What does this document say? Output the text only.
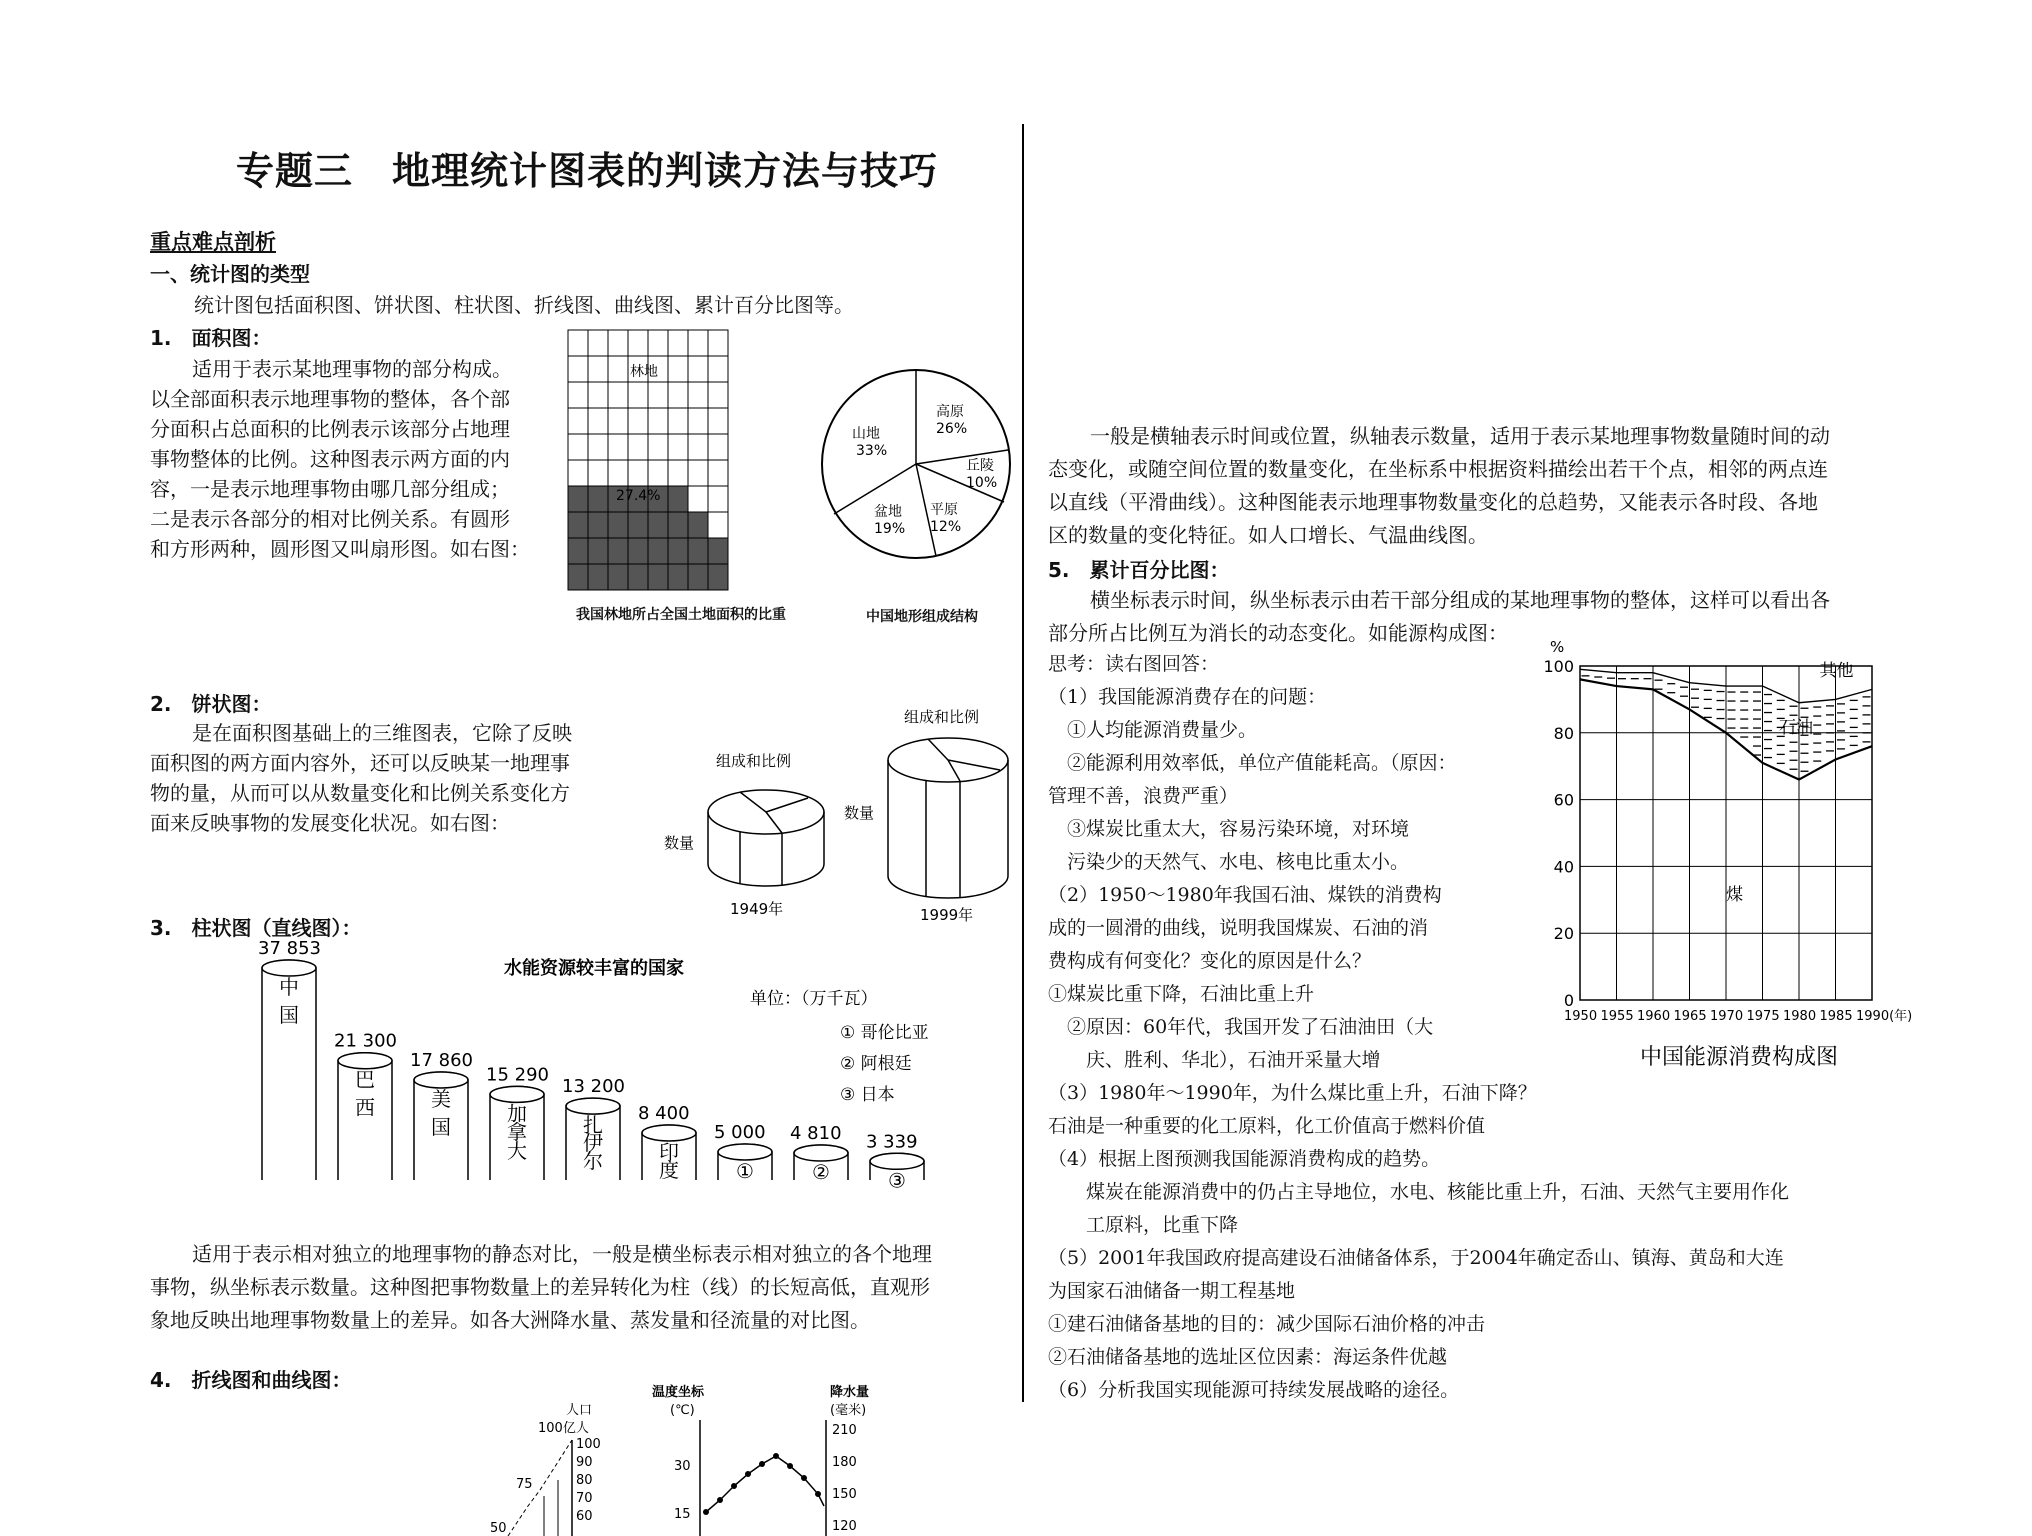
专题三　地理统计图表的判读方法与技巧
重点难点剖析
一、统计图的类型
统计图包括面积图、饼状图、柱状图、折线图、曲线图、累计百分比图等。
1.　面积图：
适用于表示某地理事物的部分构成。
以全部面积表示地理事物的整体，各个部
分面积占总面积的比例表示该部分占地理
事物整体的比例。这种图表示两方面的内
容，一是表示地理事物由哪几部分组成；
二是表示各部分的相对比例关系。有圆形
和方形两种，圆形图又叫扇形图。如右图：
林地
27.4%
我国林地所占全国土地面积的比重
山地
33%
高原
26%
丘陵
10%
平原
12%
盆地
19%
中国地形组成结构
2.　饼状图：
是在面积图基础上的三维图表，它除了反映
面积图的两方面内容外，还可以反映某一地理事
物的量，从而可以从数量变化和比例关系变化方
面来反映事物的发展变化状况。如右图：
组成和比例
数量
1949年
组成和比例
数量
1999年
3.　柱状图（直线图）：
水能资源较丰富的国家
单位：（万千瓦）
① 哥伦比亚
② 阿根廷
③ 日本
37 853
中
国
21 300
巴
西
17 860
美
国
15 290
加
拿
大
13 200
扎
伊
尔
8 400
印
度
5 000
①
4 810
②
3 339
③
适用于表示相对独立的地理事物的静态对比，一般是横坐标表示相对独立的各个地理
事物，纵坐标表示数量。这种图把事物数量上的差异转化为柱（线）的长短高低，直观形
象地反映出地理事物数量上的差异。如各大洲降水量、蒸发量和径流量的对比图。
4.　折线图和曲线图：
人口
100亿人
100
90
80
70
60
75
50
温度坐标
(℃)
降水量
(毫米)
30
15
210
180
150
120
一般是横轴表示时间或位置，纵轴表示数量，适用于表示某地理事物数量随时间的动
态变化，或随空间位置的数量变化，在坐标系中根据资料描绘出若干个点，相邻的两点连
以直线（平滑曲线）。这种图能表示地理事物数量变化的总趋势，又能表示各时段、各地
区的数量的变化特征。如人口增长、气温曲线图。
5.　累计百分比图：
横坐标表示时间，纵坐标表示由若干部分组成的某地理事物的整体，这样可以看出各
部分所占比例互为消长的动态变化。如能源构成图：
思考：读右图回答：
（1）我国能源消费存在的问题：
　①人均能源消费量少。
　②能源利用效率低，单位产值能耗高。（原因：
管理不善，浪费严重）
　③煤炭比重太大，容易污染环境，对环境
　污染少的天然气、水电、核电比重太小。
（2）1950～1980年我国石油、煤铁的消费构
成的一圆滑的曲线，说明我国煤炭、石油的消
费构成有何变化？变化的原因是什么？
①煤炭比重下降，石油比重上升
　②原因：60年代，我国开发了石油油田（大
　　庆、胜利、华北），石油开采量大增
（3）1980年～1990年，为什么煤比重上升，石油下降？
石油是一种重要的化工原料，化工价值高于燃料价值
（4）根据上图预测我国能源消费构成的趋势。
　　煤炭在能源消费中的仍占主导地位，水电、核能比重上升，石油、天然气主要用作化
　　工原料，比重下降
（5）2001年我国政府提高建设石油储备体系，于2004年确定岙山、镇海、黄岛和大连
为国家石油储备一期工程基地
①建石油储备基地的目的：减少国际石油价格的冲击
②石油储备基地的选址区位因素：海运条件优越
（6）分析我国实现能源可持续发展战略的途径。
0
20
40
60
80
100
%
1950 1955 1960 1965 1970 1975 1980 1985 1990(年)
煤
石油
其他
中国能源消费构成图
